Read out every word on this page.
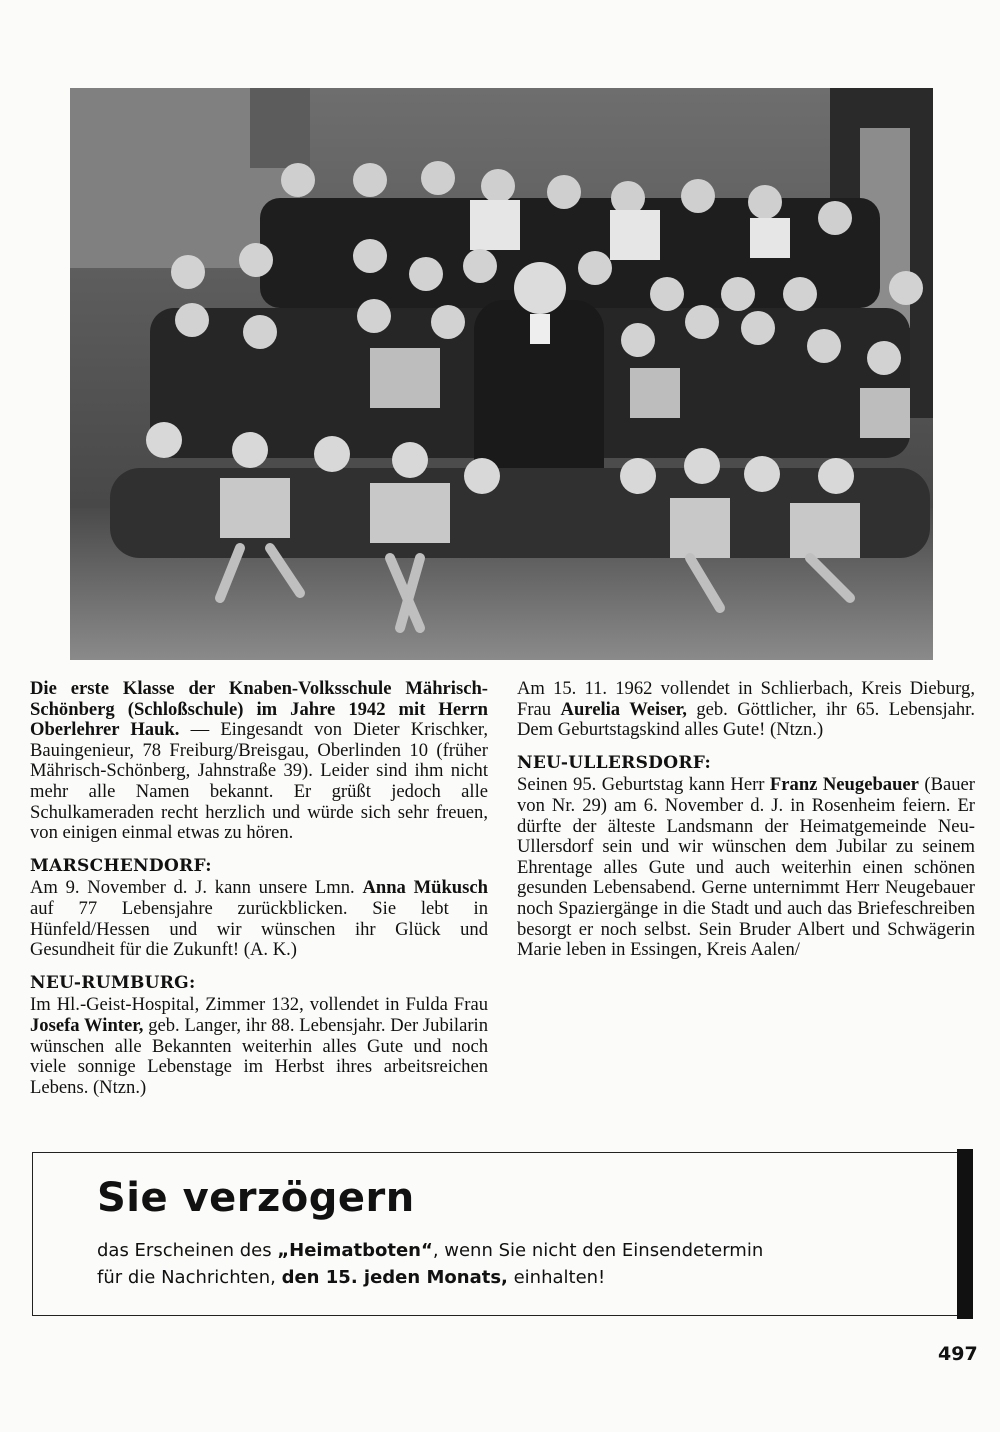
Die erste Klasse der Knaben-Volksschule Mährisch-Schönberg (Schloßschule) im Jahre 1942 mit Herrn Oberlehrer Hauk. — Eingesandt von Dieter Krischker, Bauingenieur, 78 Freiburg/Breisgau, Oberlinden 10 (früher Mährisch-Schönberg, Jahnstraße 39). Leider sind ihm nicht mehr alle Namen bekannt. Er grüßt jedoch alle Schulkameraden recht herzlich und würde sich sehr freuen, von einigen einmal etwas zu hören.

MARSCHENDORF:

Am 9. November d. J. kann unsere Lmn. Anna Mükusch auf 77 Lebensjahre zurückblicken. Sie lebt in Hünfeld/Hessen und wir wünschen ihr Glück und Gesundheit für die Zukunft! (A. K.)

NEU-RUMBURG:

Im Hl.-Geist-Hospital, Zimmer 132, vollendet in Fulda Frau Josefa Winter, geb. Langer, ihr 88. Lebensjahr. Der Jubilarin wünschen alle Bekannten weiterhin alles Gute und noch viele sonnige Lebenstage im Herbst ihres arbeitsreichen Lebens. (Ntzn.)

Am 15. 11. 1962 vollendet in Schlierbach, Kreis Dieburg, Frau Aurelia Weiser, geb. Göttlicher, ihr 65. Lebensjahr. Dem Geburtstagskind alles Gute! (Ntzn.)

NEU-ULLERSDORF:

Seinen 95. Geburtstag kann Herr Franz Neugebauer (Bauer von Nr. 29) am 6. November d. J. in Rosenheim feiern. Er dürfte der älteste Landsmann der Heimatgemeinde Neu-Ullersdorf sein und wir wünschen dem Jubilar zu seinem Ehrentage alles Gute und auch weiterhin einen schönen gesunden Lebensabend. Gerne unternimmt Herr Neugebauer noch Spaziergänge in die Stadt und auch das Briefeschreiben besorgt er noch selbst. Sein Bruder Albert und Schwägerin Marie leben in Essingen, Kreis Aalen/

Sie verzögern
das Erscheinen des „Heimatboten“, wenn Sie nicht den Einsendetermin
für die Nachrichten, den 15. jeden Monats, einhalten!
497
